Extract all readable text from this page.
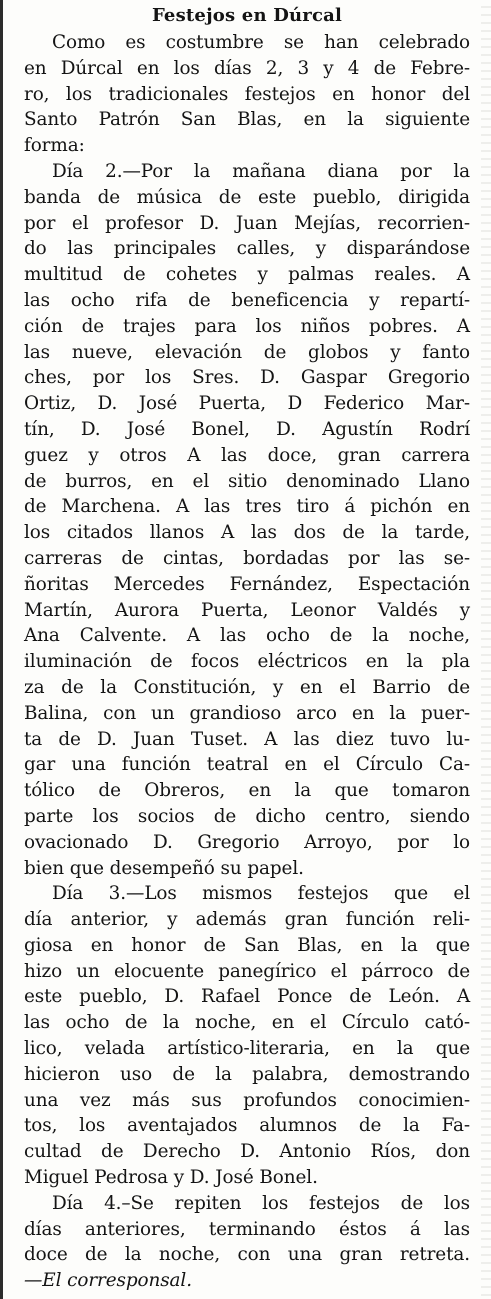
Festejos en Dúrcal
Como es costumbre se han celebrado
en Dúrcal en los días 2, 3 y 4 de Febre-
ro, los tradicionales festejos en honor del
Santo Patrón San Blas, en la siguiente
forma:
Día 2.—Por la mañana diana por la
banda de música de este pueblo, dirigida
por el profesor D. Juan Mejías, recorrien-
do las principales calles, y disparándose
multitud de cohetes y palmas reales. A
las ocho rifa de beneficencia y repartí-
ción de trajes para los niños pobres. A
las nueve, elevación de globos y fanto
ches, por los Sres. D. Gaspar Gregorio
Ortiz, D. José Puerta, D Federico Mar-
tín, D. José Bonel, D. Agustín Rodrí
guez y otros A las doce, gran carrera
de burros, en el sitio denominado Llano
de Marchena. A las tres tiro á pichón en
los citados llanos A las dos de la tarde,
carreras de cintas, bordadas por las se-
ñoritas Mercedes Fernández, Espectación
Martín, Aurora Puerta, Leonor Valdés y
Ana Calvente. A las ocho de la noche,
iluminación de focos eléctricos en la pla
za de la Constitución, y en el Barrio de
Balina, con un grandioso arco en la puer-
ta de D. Juan Tuset. A las diez tuvo lu-
gar una función teatral en el Círculo Ca-
tólico de Obreros, en la que tomaron
parte los socios de dicho centro, siendo
ovacionado D. Gregorio Arroyo, por lo
bien que desempeñó su papel.
Día 3.—Los mismos festejos que el
día anterior, y además gran función reli-
giosa en honor de San Blas, en la que
hizo un elocuente panegírico el párroco de
este pueblo, D. Rafael Ponce de León. A
las ocho de la noche, en el Círculo cató-
lico, velada artístico-literaria, en la que
hicieron uso de la palabra, demostrando
una vez más sus profundos conocimien-
tos, los aventajados alumnos de la Fa-
cultad de Derecho D. Antonio Ríos, don
Miguel Pedrosa y D. José Bonel.
Día 4.–Se repiten los festejos de los
días anteriores, terminando éstos á las
doce de la noche, con una gran retreta.
—El corresponsal.
